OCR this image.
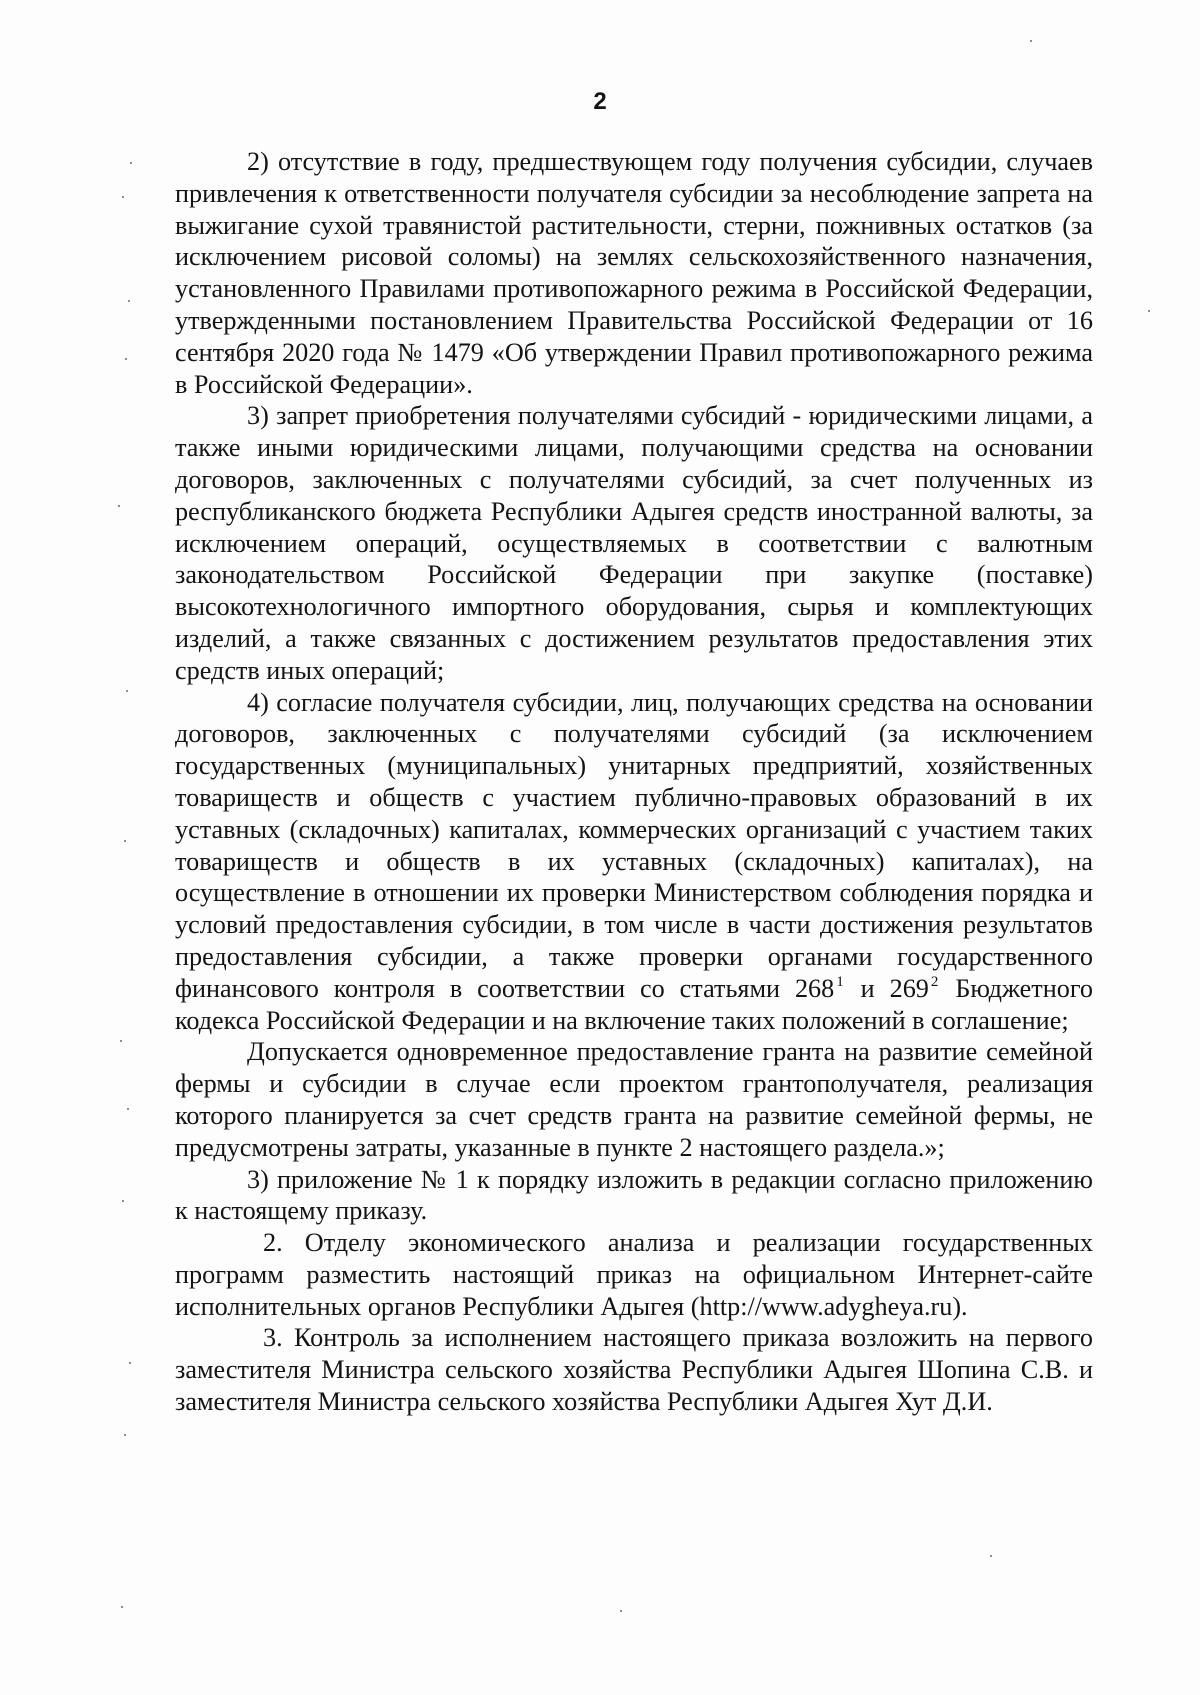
2

2) отсутствие в году, предшествующем году получения субсидии, случаев привлечения к ответственности получателя субсидии за несоблюдение запрета на выжигание сухой травянистой растительности, стерни, пожнивных остатков (за исключением рисовой соломы) на землях сельскохозяйственного назначения, установленного Правилами противопожарного режима в Российской Федерации, утвержденными постановлением Правительства Российской Федерации от 16 сентября 2020 года № 1479 «Об утверждении Правил противопожарного режима в Российской Федерации».

3) запрет приобретения получателями субсидий - юридическими лицами, а также иными юридическими лицами, получающими средства на основании договоров, заключенных с получателями субсидий, за счет полученных из республиканского бюджета Республики Адыгея средств иностранной валюты, за исключением операций, осуществляемых в соответствии с валютным законодательством Российской Федерации при закупке (поставке) высокотехнологичного импортного оборудования, сырья и комплектующих изделий, а также связанных с достижением результатов предоставления этих средств иных операций;

4) согласие получателя субсидии, лиц, получающих средства на основании договоров, заключенных с получателями субсидий (за исключением государственных (муниципальных) унитарных предприятий, хозяйственных товариществ и обществ с участием публично-правовых образований в их уставных (складочных) капиталах, коммерческих организаций с участием таких товариществ и обществ в их уставных (складочных) капиталах), на осуществление в отношении их проверки Министерством соблюдения порядка и условий предоставления субсидии, в том числе в части достижения результатов предоставления субсидии, а также проверки органами государственного финансового контроля в соответствии со статьями 268 $^1$ и 269 $^2$ Бюджетного кодекса Российской Федерации и на включение таких положений в соглашение;

Допускается одновременное предоставление гранта на развитие семейной фермы и субсидии в случае если проектом грантополучателя, реализация которого планируется за счет средств гранта на развитие семейной фермы, не предусмотрены затраты, указанные в пункте 2 настоящего раздела.»;

3) приложение № 1 к порядку изложить в редакции согласно приложению к настоящему приказу.

2. Отделу экономического анализа и реализации государственных программ разместить настоящий приказ на официальном Интернет-сайте исполнительных органов Республики Адыгея (http://www.adygheya.ru).

3. Контроль за исполнением настоящего приказа возложить на первого заместителя Министра сельского хозяйства Республики Адыгея Шопина С.В. и заместителя Министра сельского хозяйства Республики Адыгея Хут Д.И.
